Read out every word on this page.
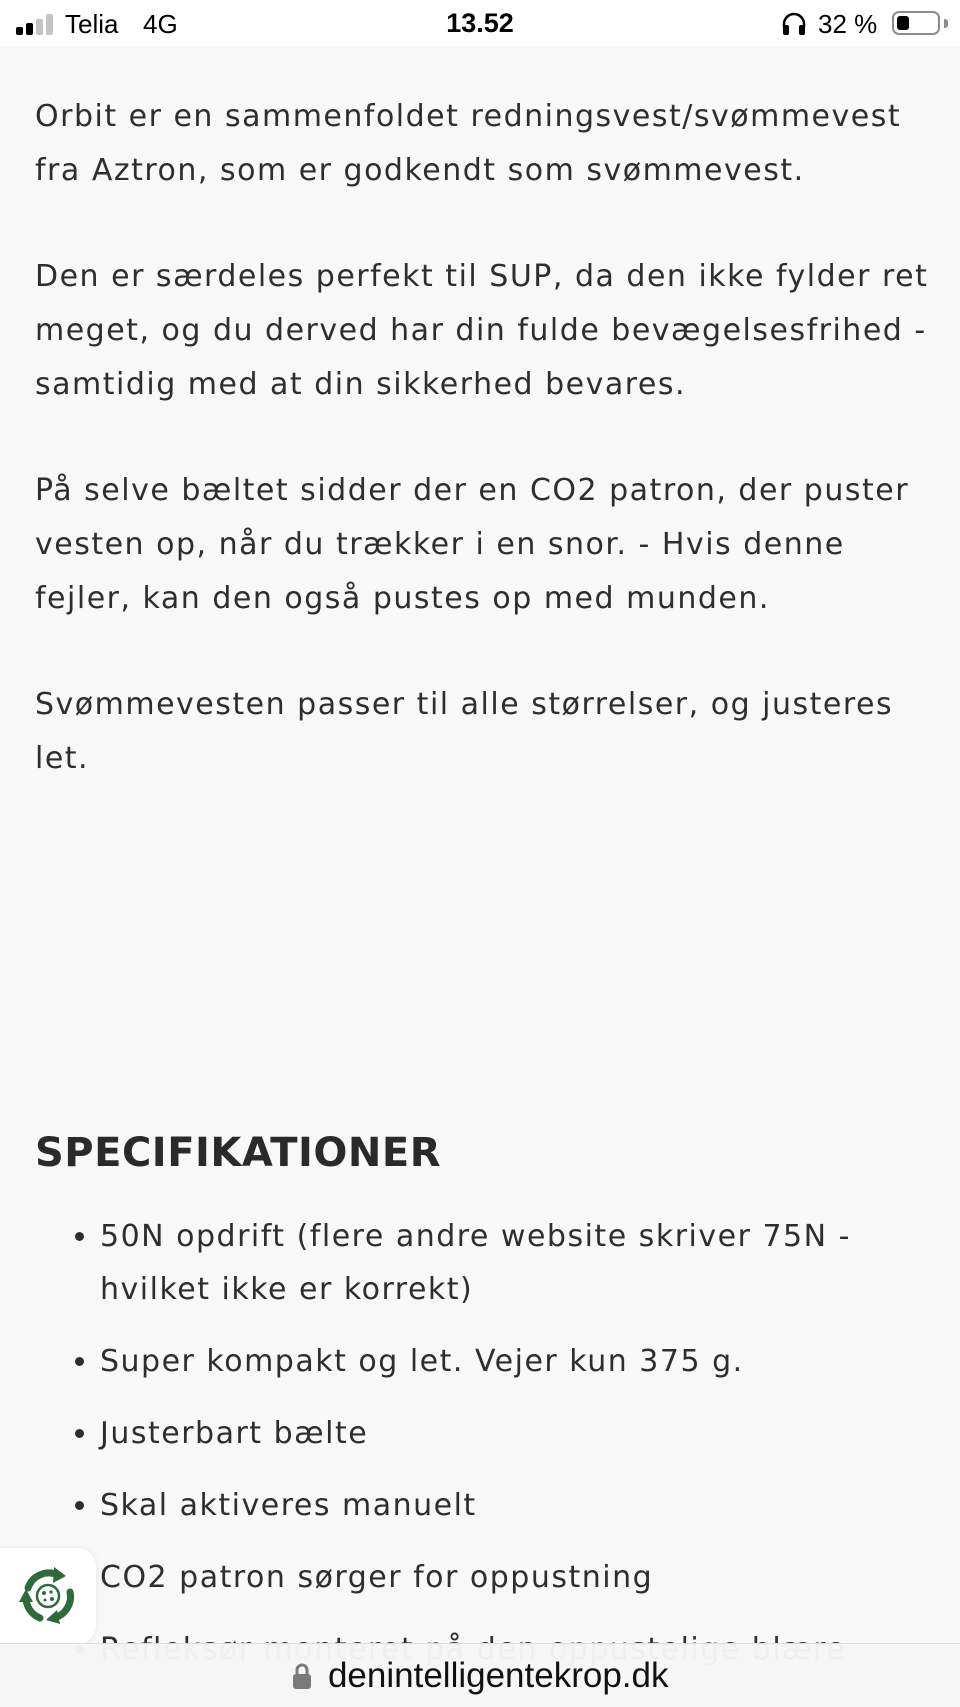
Telia 4G	13.52	32 %

Orbit er en sammenfoldet redningsvest/svømmevest fra Aztron, som er godkendt som svømmevest.

Den er særdeles perfekt til SUP, da den ikke fylder ret meget, og du derved har din fulde bevægelsesfrihed - samtidig med at din sikkerhed bevares.

På selve bæltet sidder der en CO2 patron, der puster vesten op, når du trækker i en snor. - Hvis denne fejler, kan den også pustes op med munden.

Svømmevesten passer til alle størrelser, og justeres let.

SPECIFIKATIONER
• 50N opdrift (flere andre website skriver 75N - hvilket ikke er korrekt)
• Super kompakt og let. Vejer kun 375 g.
• Justerbart bælte
• Skal aktiveres manuelt
• CO2 patron sørger for oppustning
•
denintelligentekrop.dk
